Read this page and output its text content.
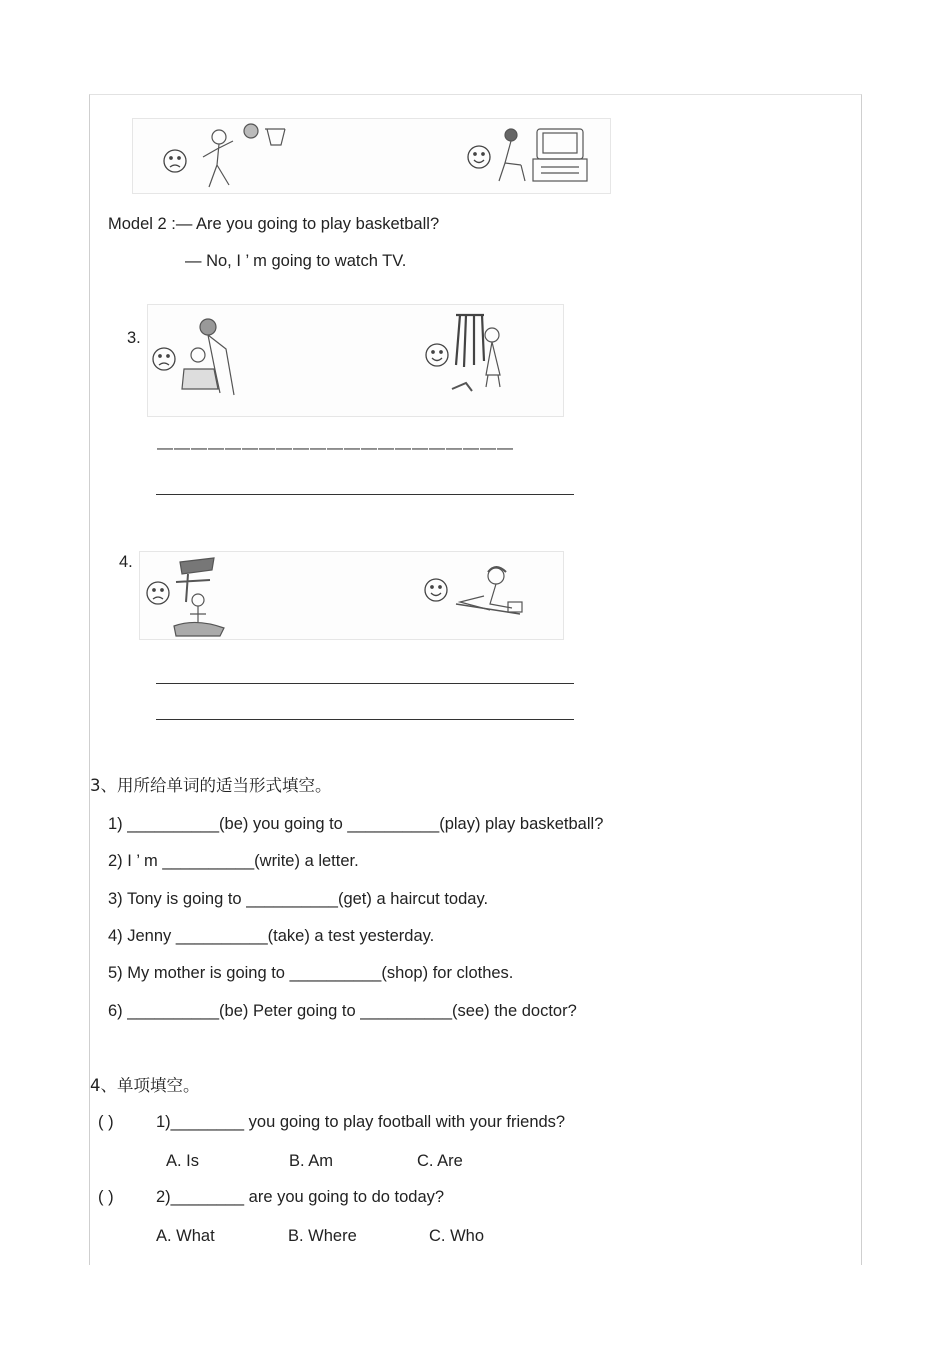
Model 2 :— Are you going to play basketball?
— No, I ’ m going to watch TV.
3.
—————————————————————
4.
3、用所给单词的适当形式填空。
1) __________(be) you going to __________(play) play basketball?
2) I ’ m __________(write) a letter.
3) Tony is going to __________(get) a haircut today.
4) Jenny __________(take) a test yesterday.
5) My mother is going to __________(shop) for clothes.
6) __________(be) Peter going to __________(see) the doctor?
4、单项填空。
( )	1)________ you going to play football with your friends?
A. Is	B. Am	C. Are
( )	2)________ are you going to do today?
A. What	B. Where	C. Who
